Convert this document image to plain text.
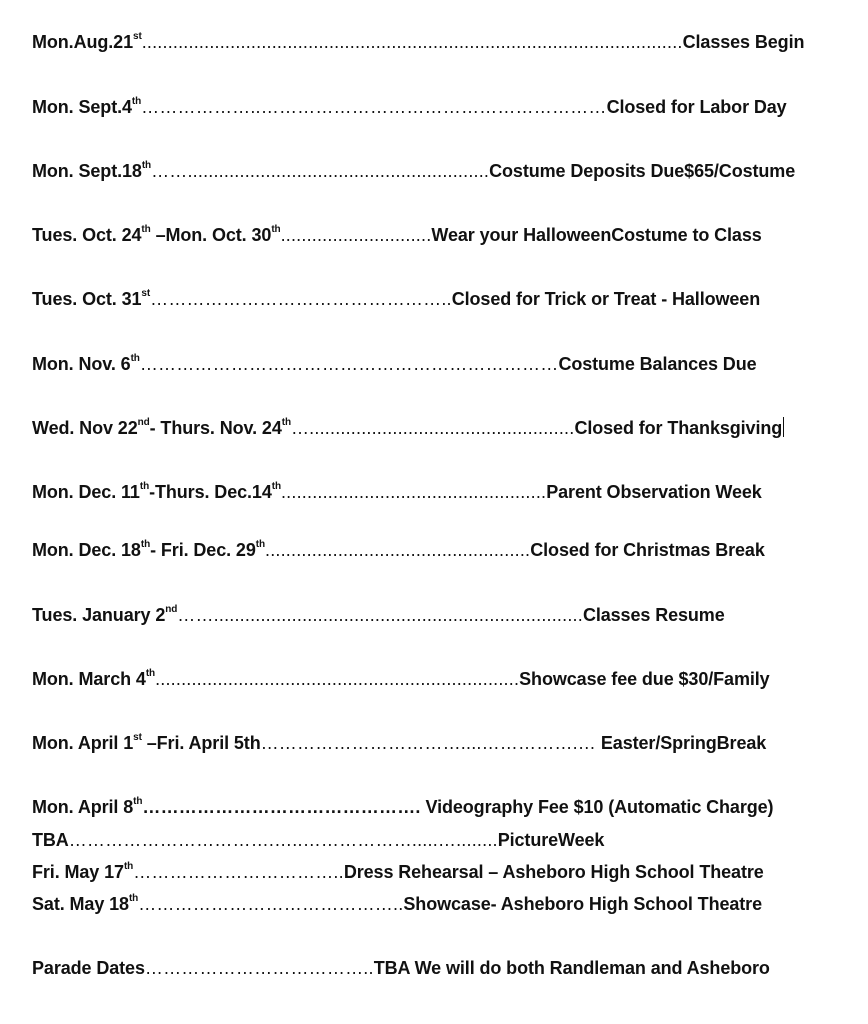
Mon.Aug.21st........................................................................................................Classes Begin
Mon. Sept.4th………………..…………………………………………………Closed for Labor Day
Mon. Sept.18th……..........................................................Costume Deposits Due$65/Costume
Tues. Oct. 24th –Mon. Oct. 30th.............................Wear your HalloweenCostume to Class
Tues. Oct. 31st…………………………………………..Closed for Trick or Treat - Halloween
Mon. Nov. 6th……………………………………………………………Costume Balances Due
Wed. Nov 22nd- Thurs. Nov. 24th…...................................................Closed for Thanksgiving
Mon. Dec. 11th-Thurs. Dec.14th...................................................Parent Observation Week
Mon. Dec. 18th- Fri. Dec. 29th...................................................Closed for Christmas Break
Tues. January 2nd…….......................................................................Classes Resume
Mon. March 4th......................................................................Showcase fee due $30/Family
Mon. April 1st –Fri. April 5th……………………………....…………….… Easter/SpringBreak
Mon. April 8th………………………………………. Videography Fee $10 (Automatic Charge)
TBA…………………………….…..……………….....…........PictureWeek
Fri. May 17th……………………………..Dress Rehearsal – Asheboro High School Theatre
Sat. May 18th……………………………………..Showcase- Asheboro High School Theatre
Parade Dates………………………………..TBA We will do both Randleman and Asheboro
